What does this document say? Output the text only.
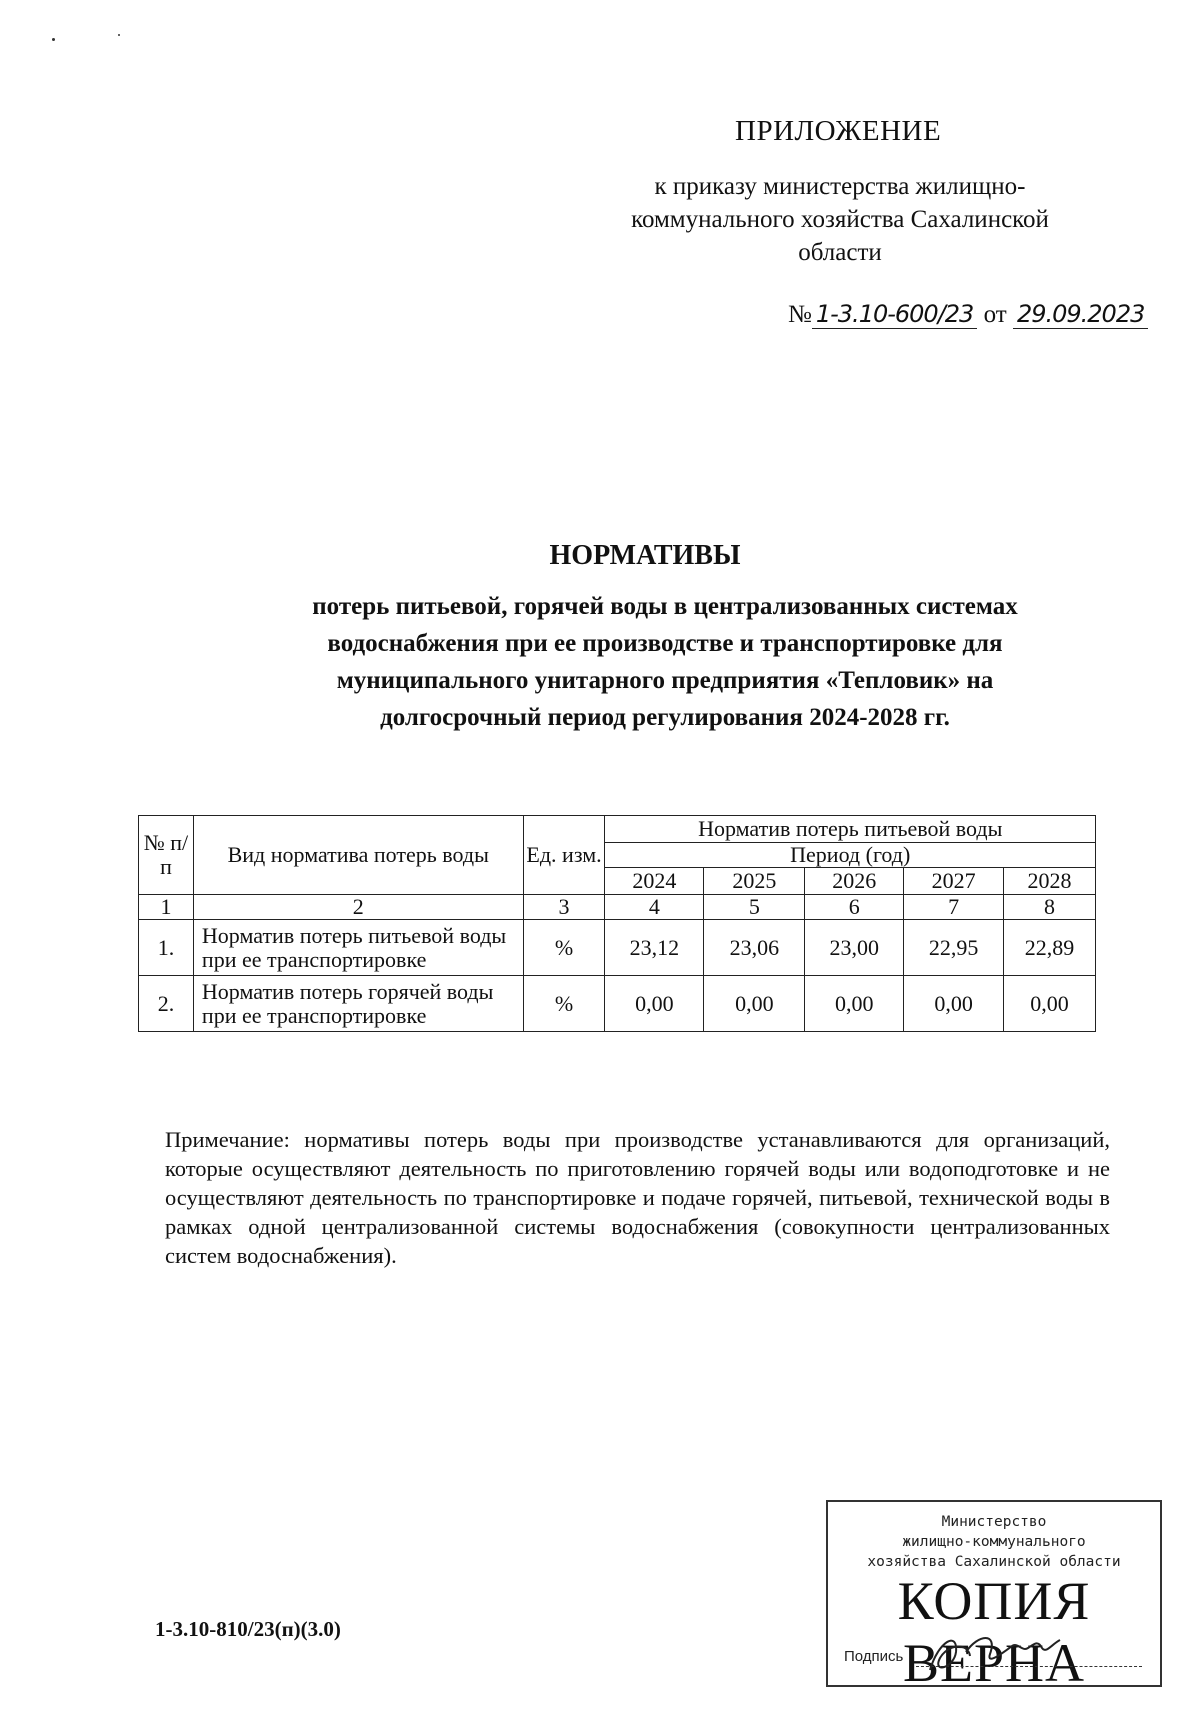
ПРИЛОЖЕНИЕ
к приказу министерства жилищно-
коммунального хозяйства Сахалинской
области
№ 1-3.10-600/23 от 29.09.2023
НОРМАТИВЫ
потерь питьевой, горячей воды в централизованных системах
водоснабжения при ее производстве и транспортировке для
муниципального унитарного предприятия «Тепловик» на
долгосрочный период регулирования 2024-2028 гг.
№ п/п	Вид норматива потерь воды	Ед. изм.	Норматив потерь питьевой воды				
			Период (год)				
			2024	2025	2026	2027	2028
1	2	3	4	5	6	7	8
1.	Норматив потерь питьевой воды при ее транспортировке	%	23,12	23,06	23,00	22,95	22,89
2.	Норматив потерь горячей воды при ее транспортировке	%	0,00	0,00	0,00	0,00	0,00
Примечание: нормативы потерь воды при производстве устанавливаются для организаций, которые осуществляют деятельность по приготовлению горячей воды или водоподготовке и не осуществляют деятельность по транспортировке и подаче горячей, питьевой, технической воды в рамках одной централизованной системы водоснабжения (совокупности централизованных систем водоснабжения).
1-3.10-810/23(п)(3.0)
Министерство
жилищно-коммунального
хозяйства Сахалинской области
КОПИЯ ВЕРНА
Подпись
